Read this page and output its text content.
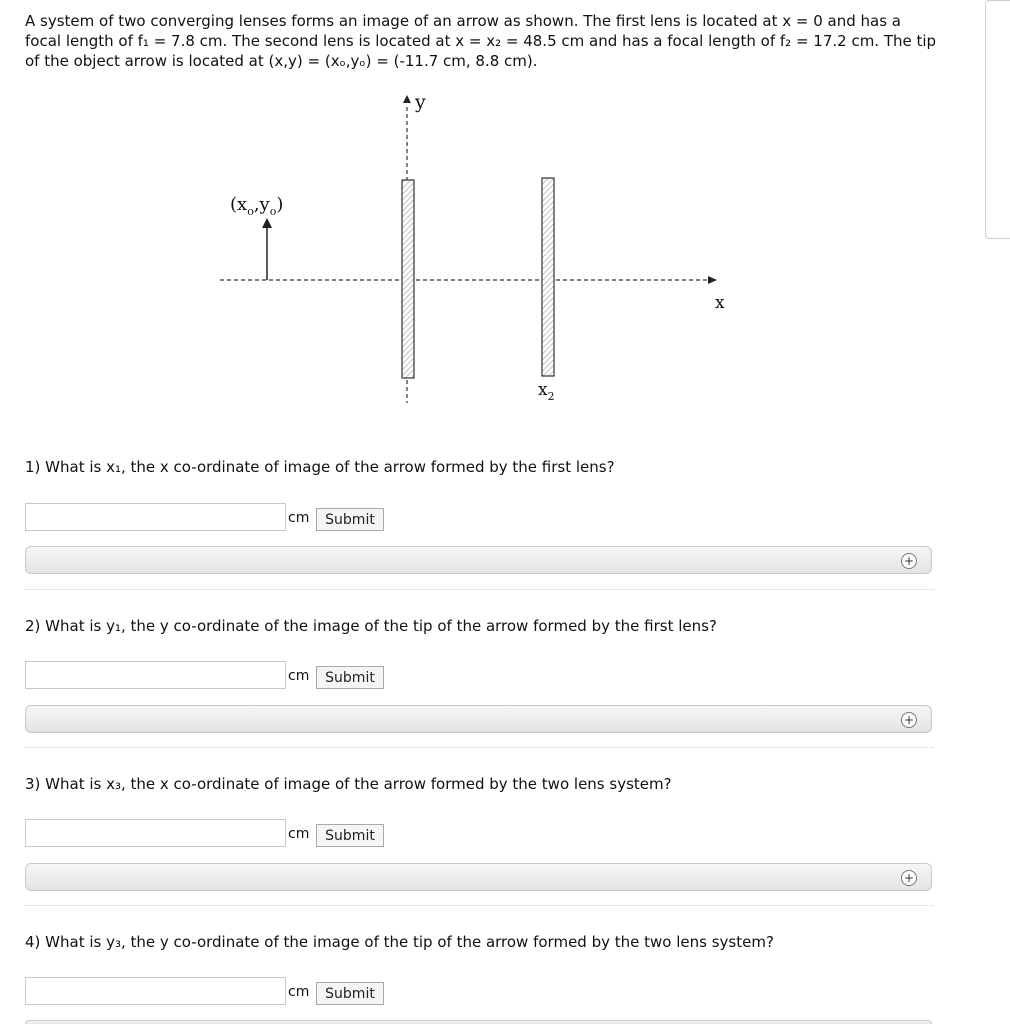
A system of two converging lenses forms an image of an arrow as shown. The first lens is located at x = 0 and has a focal length of f₁ = 7.8 cm. The second lens is located at x = x₂ = 48.5 cm and has a focal length of f₂ = 17.2 cm. The tip of the object arrow is located at (x,y) = (xₒ,yₒ) = (-11.7 cm, 8.8 cm).

y
x
$(x_o,y_o)$
$x_2$

1) What is x₁, the x co-ordinate of image of the arrow formed by the first lens?

cm	Submit
+

2) What is y₁, the y co-ordinate of the image of the tip of the arrow formed by the first lens?

cm	Submit
+

3) What is x₃, the x co-ordinate of image of the arrow formed by the two lens system?

cm	Submit
+

4) What is y₃, the y co-ordinate of the image of the tip of the arrow formed by the two lens system?

cm	Submit
